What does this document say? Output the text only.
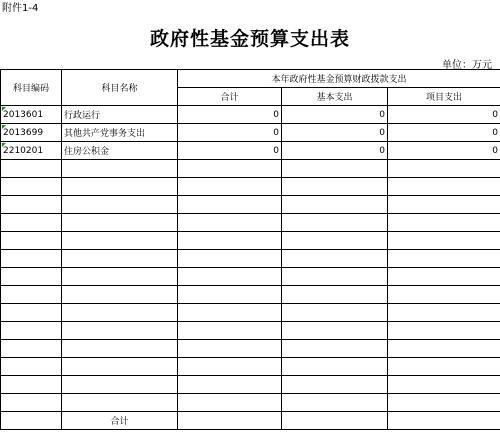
附件1-4
政府性基金预算支出表
单位：万元
科目编码	科目名称	本年政府性基金预算财政拨款支出		
		合计	基本支出	项目支出
2013601	行政运行	0	0	0
2013699	其他共产党事务支出	0	0	0
2210201	住房公积金	0	0	0

	合计			
